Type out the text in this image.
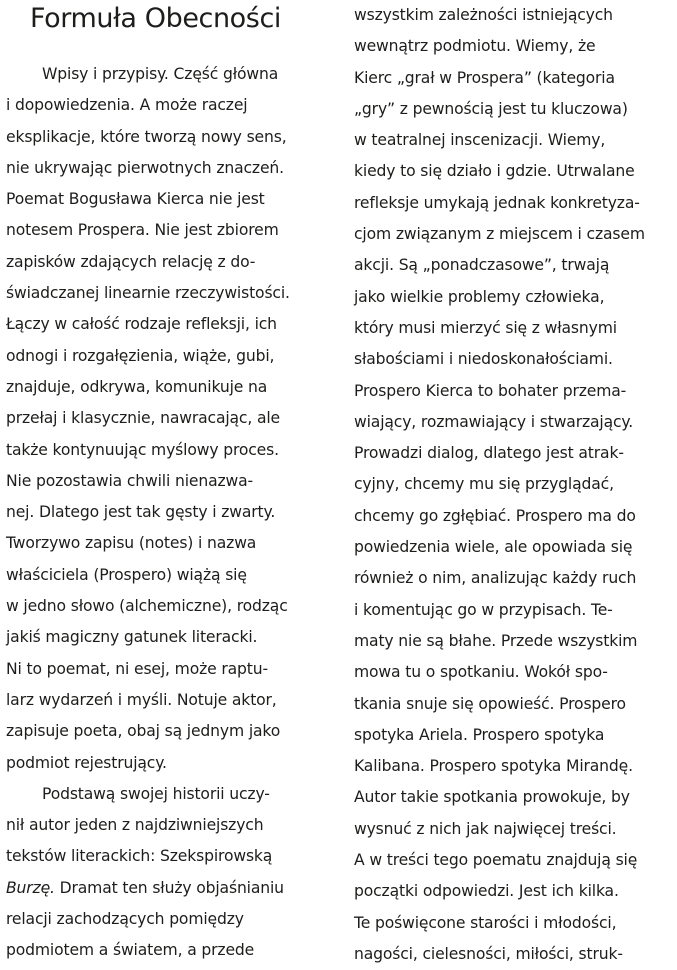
Formuła Obecności
Wpisy i przypisy. Część główna
i dopowiedzenia. A może raczej
eksplikacje, które tworzą nowy sens,
nie ukrywając pierwotnych znaczeń.
Poemat Bogusława Kierca nie jest
notesem Prospera. Nie jest zbiorem
zapisków zdających relację z do-
świadczanej linearnie rzeczywistości.
Łączy w całość rodzaje refleksji, ich
odnogi i rozgałęzienia, wiąże, gubi,
znajduje, odkrywa, komunikuje na
przełaj i klasycznie, nawracając, ale
także kontynuując myślowy proces.
Nie pozostawia chwili nienazwa-
nej. Dlatego jest tak gęsty i zwarty.
Tworzywo zapisu (notes) i nazwa
właściciela (Prospero) wiążą się
w jedno słowo (alchemiczne), rodząc
jakiś magiczny gatunek literacki.
Ni to poemat, ni esej, może raptu-
larz wydarzeń i myśli. Notuje aktor,
zapisuje poeta, obaj są jednym jako
podmiot rejestrujący.
Podstawą swojej historii uczy-
nił autor jeden z najdziwniejszych
tekstów literackich: Szekspirowską
Burzę. Dramat ten służy objaśnianiu
relacji zachodzących pomiędzy
podmiotem a światem, a przede
wszystkim zależności istniejących
wewnątrz podmiotu. Wiemy, że
Kierc „grał w Prospera” (kategoria
„gry” z pewnością jest tu kluczowa)
w teatralnej inscenizacji. Wiemy,
kiedy to się działo i gdzie. Utrwalane
refleksje umykają jednak konkretyza-
cjom związanym z miejscem i czasem
akcji. Są „ponadczasowe”, trwają
jako wielkie problemy człowieka,
który musi mierzyć się z własnymi
słabościami i niedoskonałościami.
Prospero Kierca to bohater przema-
wiający, rozmawiający i stwarzający.
Prowadzi dialog, dlatego jest atrak-
cyjny, chcemy mu się przyglądać,
chcemy go zgłębiać. Prospero ma do
powiedzenia wiele, ale opowiada się
również o nim, analizując każdy ruch
i komentując go w przypisach. Te-
maty nie są błahe. Przede wszystkim
mowa tu o spotkaniu. Wokół spo-
tkania snuje się opowieść. Prospero
spotyka Ariela. Prospero spotyka
Kalibana. Prospero spotyka Mirandę.
Autor takie spotkania prowokuje, by
wysnuć z nich jak najwięcej treści.
A w treści tego poematu znajdują się
początki odpowiedzi. Jest ich kilka.
Te poświęcone starości i młodości,
nagości, cielesności, miłości, struk-
